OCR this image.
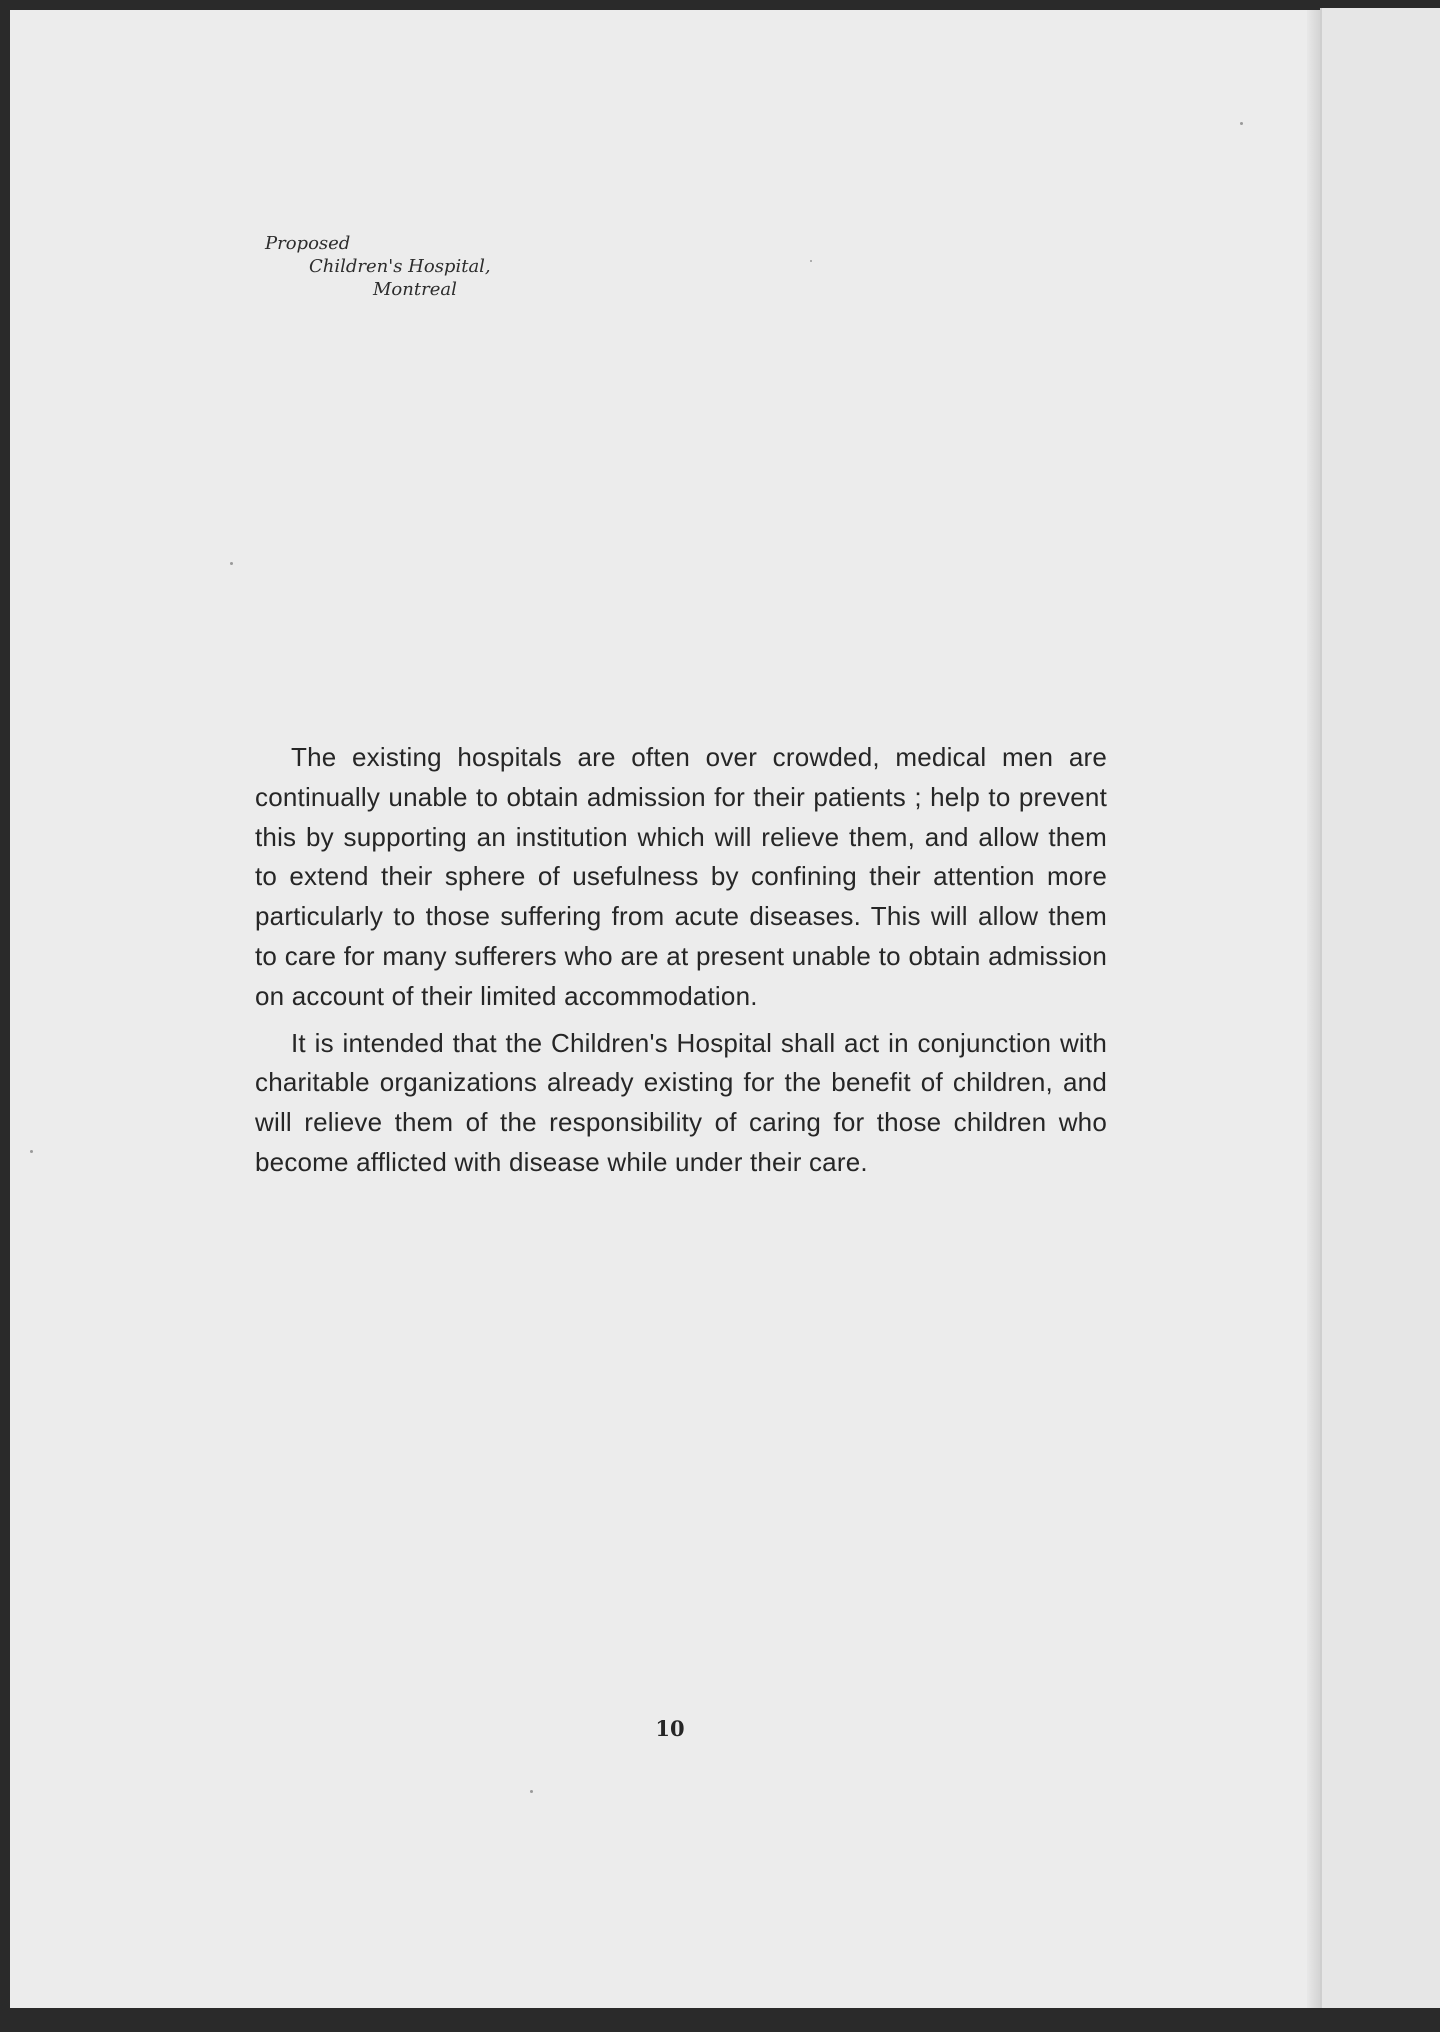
Proposed
Children's Hospital,
Montreal

The existing hospitals are often over crowded, medical men are continually unable to obtain admission for their patients ; help to prevent this by supporting an institution which will relieve them, and allow them to extend their sphere of usefulness by confining their attention more particularly to those suffering from acute diseases. This will allow them to care for many sufferers who are at present unable to obtain admission on account of their limited accommodation.

It is intended that the Children's Hospital shall act in conjunction with charitable organizations already existing for the benefit of children, and will relieve them of the responsibility of caring for those children who become afflicted with disease while under their care.

10
